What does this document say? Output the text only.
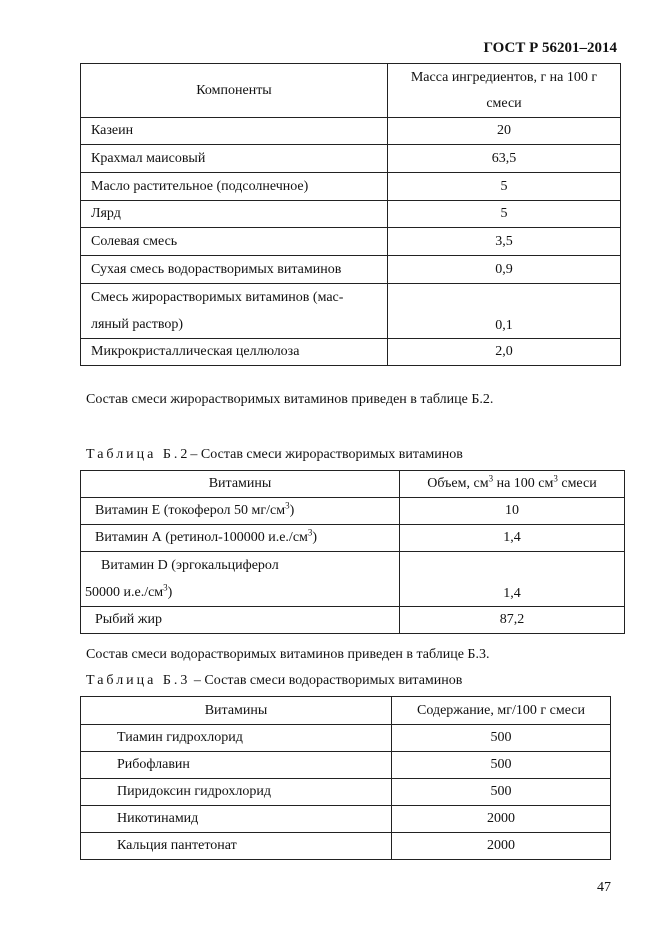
ГОСТ Р 56201–2014
Компоненты	Масса ингредиентов, г на 100 г
смеси
Казеин	20
Крахмал маисовый	63,5
Масло растительное (подсолнечное)	5
Лярд	5
Солевая смесь	3,5
Сухая смесь водорастворимых витаминов	0,9
Смесь жирорастворимых витаминов (мас-
ляный раствор)	0,1
Микрокристаллическая целлюлоза	2,0
Состав смеси жирорастворимых витаминов приведен в таблице Б.2.
Таблица Б.2– Состав смеси жирорастворимых витаминов
Витамины	Объем, $см^3$ на 100 $см^3$ смеси
Витамин Е (токоферол 50 $мг/см^3$)	10
Витамин А (ретинол-100000 $и.е./см^3$)	1,4
Витамин D (эргокальциферол
50000 $и.е./см^3$)	1,4
Рыбий жир	87,2
Состав смеси водорастворимых витаминов приведен в таблице Б.3.
Таблица Б.3 – Состав смеси водорастворимых витаминов
Витамины	Содержание, мг/100 г смеси
Тиамин гидрохлорид	500
Рибофлавин	500
Пиридоксин гидрохлорид	500
Никотинамид	2000
Кальция пантетонат	2000
47
